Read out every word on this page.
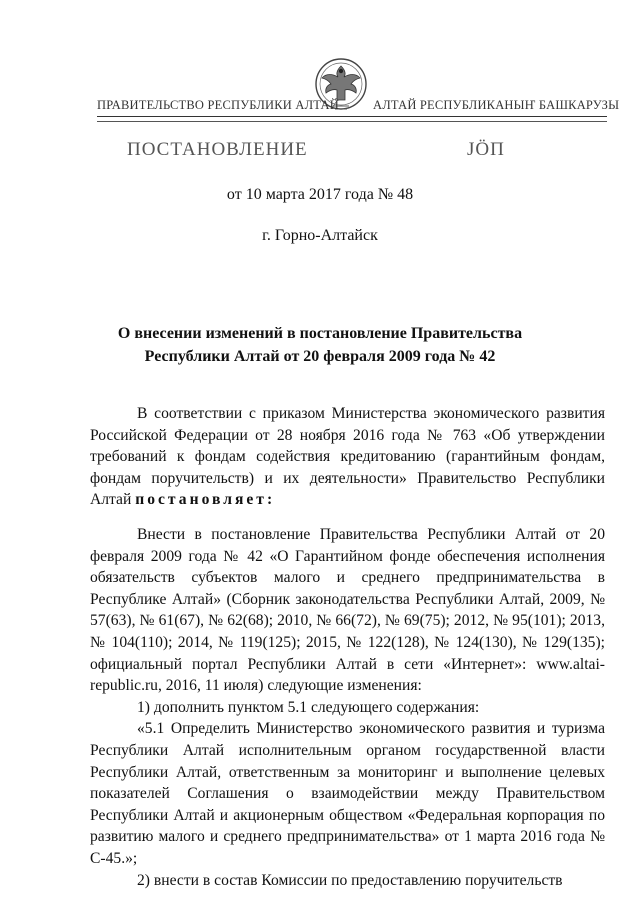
ПРАВИТЕЛЬСТВО РЕСПУБЛИКИ АЛТАЙ	АЛТАЙ РЕСПУБЛИКАНЫҤ БАШКАРУЗЫ
ПОСТАНОВЛЕНИЕ	JÖП
от 10 марта 2017 года № 48
г. Горно-Алтайск
О внесении изменений в постановление Правительства
Республики Алтай от 20 февраля 2009 года № 42

В соответствии с приказом Министерства экономического развития Российской Федерации от 28 ноября 2016 года № 763 «Об утверждении требований к фондам содействия кредитованию (гарантийным фондам, фондам поручительств) и их деятельности» Правительство Республики Алтай постановляет:

Внести в постановление Правительства Республики Алтай от 20 февраля 2009 года № 42 «О Гарантийном фонде обеспечения исполнения обязательств субъектов малого и среднего предпринимательства в Республике Алтай» (Сборник законодательства Республики Алтай, 2009, № 57(63), № 61(67), № 62(68); 2010, № 66(72), № 69(75); 2012, № 95(101); 2013, № 104(110); 2014, № 119(125); 2015, № 122(128), № 124(130), № 129(135); официальный портал Республики Алтай в сети «Интернет»: www.altai-republic.ru, 2016, 11 июля) следующие изменения:

1) дополнить пунктом 5.1 следующего содержания:

«5.1 Определить Министерство экономического развития и туризма Республики Алтай исполнительным органом государственной власти Республики Алтай, ответственным за мониторинг и выполнение целевых показателей Соглашения о взаимодействии между Правительством Республики Алтай и акционерным обществом «Федеральная корпорация по развитию малого и среднего предпринимательства» от 1 марта 2016 года № С-45.»;

2) внести в состав Комиссии по предоставлению поручительств
